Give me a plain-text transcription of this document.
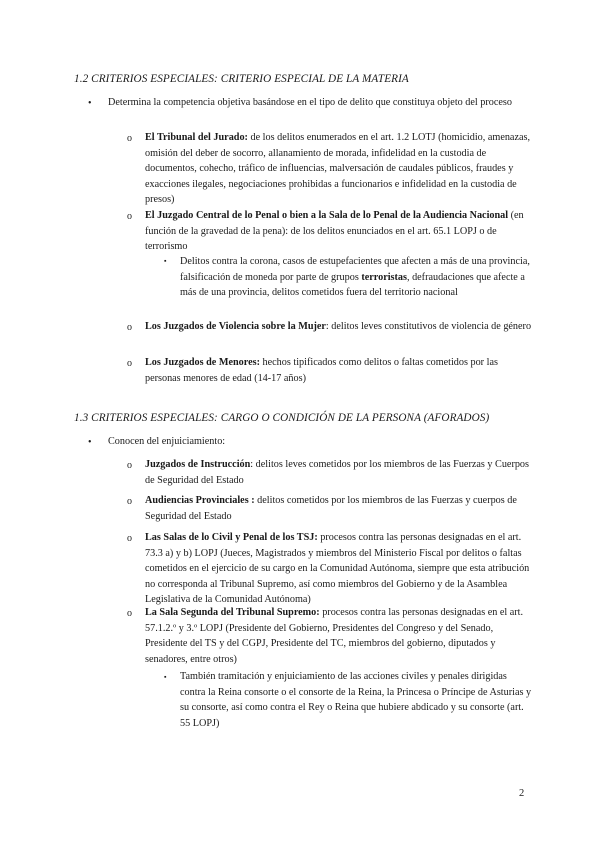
1.2 CRITERIOS ESPECIALES: CRITERIO ESPECIAL DE LA MATERIA
• Determina la competencia objetiva basándose en el tipo de delito que constituya objeto del proceso
o El Tribunal del Jurado: de los delitos enumerados en el art. 1.2 LOTJ (homicidio, amenazas, omisión del deber de socorro, allanamiento de morada, infidelidad en la custodia de documentos, cohecho, tráfico de influencias, malversación de caudales públicos, fraudes y exacciones ilegales, negociaciones prohibidas a funcionarios e infidelidad en la custodia de presos)
o El Juzgado Central de lo Penal o bien a la Sala de lo Penal de la Audiencia Nacional (en función de la gravedad de la pena): de los delitos enunciados en el art. 65.1 LOPJ o de terrorismo
▪ Delitos contra la corona, casos de estupefacientes que afecten a más de una provincia, falsificación de moneda por parte de grupos terroristas, defraudaciones que afecte a más de una provincia, delitos cometidos fuera del territorio nacional
o Los Juzgados de Violencia sobre la Mujer: delitos leves constitutivos de violencia de género
o Los Juzgados de Menores: hechos tipificados como delitos o faltas cometidos por las personas menores de edad (14-17 años)
1.3 CRITERIOS ESPECIALES: CARGO O CONDICIÓN DE LA PERSONA (AFORADOS)
• Conocen del enjuiciamiento:
o Juzgados de Instrucción: delitos leves cometidos por los miembros de las Fuerzas y Cuerpos de Seguridad del Estado
o Audiencias Provinciales : delitos cometidos por los miembros de las Fuerzas y cuerpos de Seguridad del Estado
o Las Salas de lo Civil y Penal de los TSJ: procesos contra las personas designadas en el art. 73.3 a) y b) LOPJ (Jueces, Magistrados y miembros del Ministerio Fiscal por delitos o faltas cometidos en el ejercicio de su cargo en la Comunidad Autónoma, siempre que esta atribución no corresponda al Tribunal Supremo, así como miembros del Gobierno y de la Asamblea Legislativa de la Comunidad Autónoma)
o La Sala Segunda del Tribunal Supremo: procesos contra las personas designadas en el art. 57.1.2.º y 3.º LOPJ (Presidente del Gobierno, Presidentes del Congreso y del Senado, Presidente del TS y del CGPJ, Presidente del TC, miembros del gobierno, diputados y senadores, entre otros)
▪ También tramitación y enjuiciamiento de las acciones civiles y penales dirigidas contra la Reina consorte o el consorte de la Reina, la Princesa o Príncipe de Asturias y su consorte, así como contra el Rey o Reina que hubiere abdicado y su consorte (art. 55 LOPJ)
2
